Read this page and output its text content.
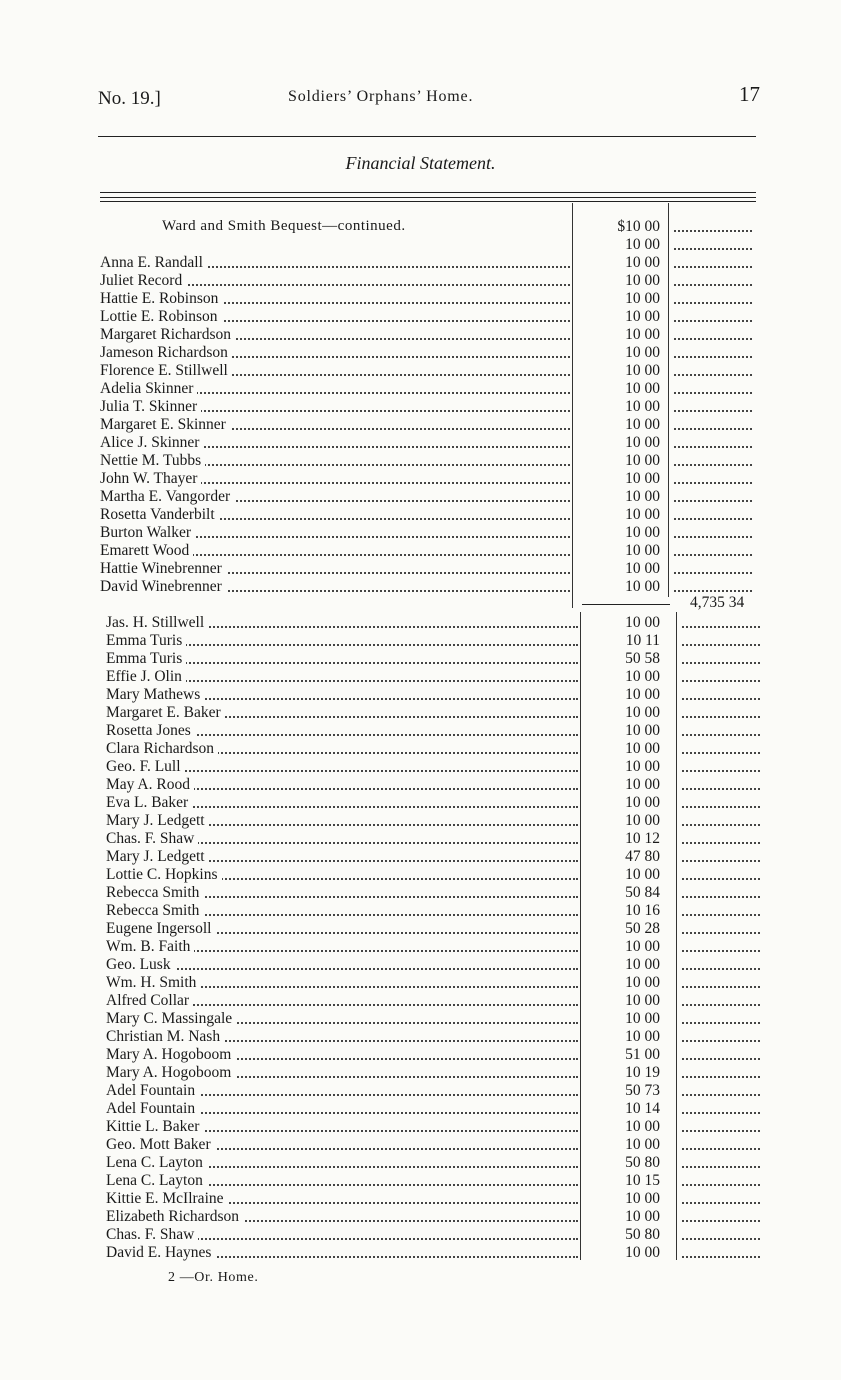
No. 19.]	Soldiers’ Orphans’ Home.	17
Financial Statement.
Ward and Smith Bequest—continued.	$10 00
10 00
Anna E. Randall	10 00
Juliet Record	10 00
Hattie E. Robinson	10 00
Lottie E. Robinson	10 00
Margaret Richardson	10 00
Jameson Richardson	10 00
Florence E. Stillwell	10 00
Adelia Skinner	10 00
Julia T. Skinner	10 00
Margaret E. Skinner	10 00
Alice J. Skinner	10 00
Nettie M. Tubbs	10 00
John W. Thayer	10 00
Martha E. Vangorder	10 00
Rosetta Vanderbilt	10 00
Burton Walker	10 00
Emarett Wood	10 00
Hattie Winebrenner	10 00
David Winebrenner	10 00
Jas. H. Stillwell	10 00
Emma Turis	10 11
Emma Turis	50 58
Effie J. Olin	10 00
Mary Mathews	10 00
Margaret E. Baker	10 00
Rosetta Jones	10 00
Clara Richardson	10 00
Geo. F. Lull	10 00
May A. Rood	10 00
Eva L. Baker	10 00
Mary J. Ledgett	10 00
Chas. F. Shaw	10 12
Mary J. Ledgett	47 80
Lottie C. Hopkins	10 00
Rebecca Smith	50 84
Rebecca Smith	10 16
Eugene Ingersoll	50 28
Wm. B. Faith	10 00
Geo. Lusk	10 00
Wm. H. Smith	10 00
Alfred Collar	10 00
Mary C. Massingale	10 00
Christian M. Nash	10 00
Mary A. Hogoboom	51 00
Mary A. Hogoboom	10 19
Adel Fountain	50 73
Adel Fountain	10 14
Kittie L. Baker	10 00
Geo. Mott Baker	10 00
Lena C. Layton	50 80
Lena C. Layton	10 15
Kittie E. McIlraine	10 00
Elizabeth Richardson	10 00
Chas. F. Shaw	50 80
David E. Haynes	10 00
4,735 34
2 —Or. Home.
